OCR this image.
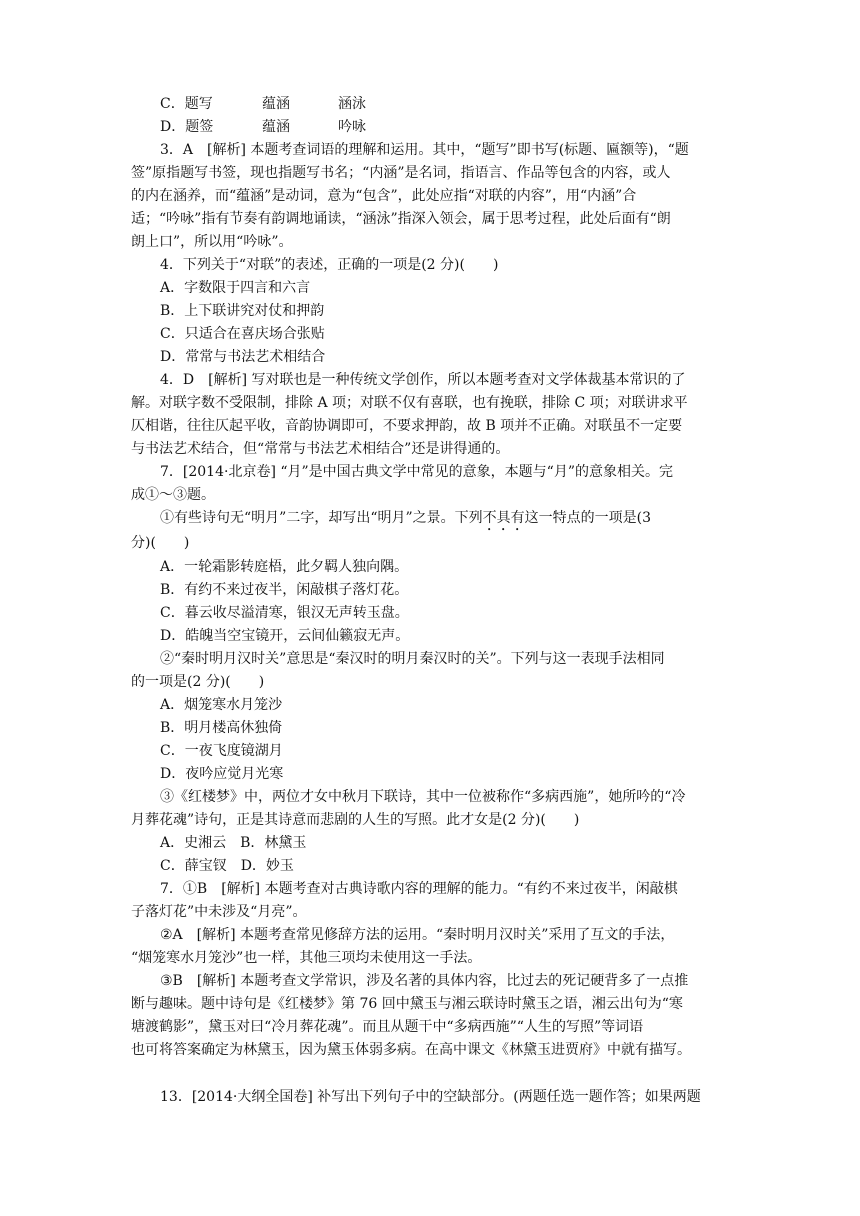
C．题写	蕴涵	涵泳
D．题签	蕴涵	吟咏
3．A　[解析] 本题考查词语的理解和运用。其中，“题写”即书写(标题、匾额等)，“题
签”原指题写书签，现也指题写书名；“内涵”是名词，指语言、作品等包含的内容，或人
的内在涵养，而“蕴涵”是动词，意为“包含”，此处应指“对联的内容”，用“内涵”合
适；“吟咏”指有节奏有韵调地诵读，“涵泳”指深入领会，属于思考过程，此处后面有“朗
朗上口”，所以用“吟咏”。
4．下列关于“对联”的表述，正确的一项是(2 分)(　　)
A．字数限于四言和六言
B．上下联讲究对仗和押韵
C．只适合在喜庆场合张贴
D．常常与书法艺术相结合
4．D　[解析] 写对联也是一种传统文学创作，所以本题考查对文学体裁基本常识的了
解。对联字数不受限制，排除 A 项；对联不仅有喜联，也有挽联，排除 C 项；对联讲求平
仄相谐，往往仄起平收，音韵协调即可，不要求押韵，故 B 项并不正确。对联虽不一定要
与书法艺术结合，但“常常与书法艺术相结合”还是讲得通的。
7．[2014·北京卷] “月”是中国古典文学中常见的意象，本题与“月”的意象相关。完
成①～③题。
①有些诗句无“明月”二字，却写出“明月”之景。下列不具有这一特点的一项是(3
分)(　　)
A．一轮霜影转庭梧，此夕羁人独向隅。
B．有约不来过夜半，闲敲棋子落灯花。
C．暮云收尽溢清寒，银汉无声转玉盘。
D．皓魄当空宝镜开，云间仙籁寂无声。
②“秦时明月汉时关”意思是“秦汉时的明月秦汉时的关”。下列与这一表现手法相同
的一项是(2 分)(　　)
A．烟笼寒水月笼沙
B．明月楼高休独倚
C．一夜飞度镜湖月
D．夜吟应觉月光寒
③《红楼梦》中，两位才女中秋月下联诗，其中一位被称作“多病西施”，她所吟的“冷
月葬花魂”诗句，正是其诗意而悲剧的人生的写照。此才女是(2 分)(　　)
A．史湘云　B．林黛玉
C．薛宝钗　D．妙玉
7．①B　[解析] 本题考查对古典诗歌内容的理解的能力。“有约不来过夜半，闲敲棋
子落灯花”中未涉及“月亮”。
②A　[解析] 本题考查常见修辞方法的运用。“秦时明月汉时关”采用了互文的手法，
“烟笼寒水月笼沙”也一样，其他三项均未使用这一手法。
③B　[解析] 本题考查文学常识，涉及名著的具体内容，比过去的死记硬背多了一点推
断与趣味。题中诗句是《红楼梦》第 76 回中黛玉与湘云联诗时黛玉之语，湘云出句为“寒
塘渡鹤影”，黛玉对曰“冷月葬花魂”。而且从题干中“多病西施”“人生的写照”等词语
也可将答案确定为林黛玉，因为黛玉体弱多病。在高中课文《林黛玉进贾府》中就有描写。
13．[2014·大纲全国卷] 补写出下列句子中的空缺部分。(两题任选一题作答；如果两题
